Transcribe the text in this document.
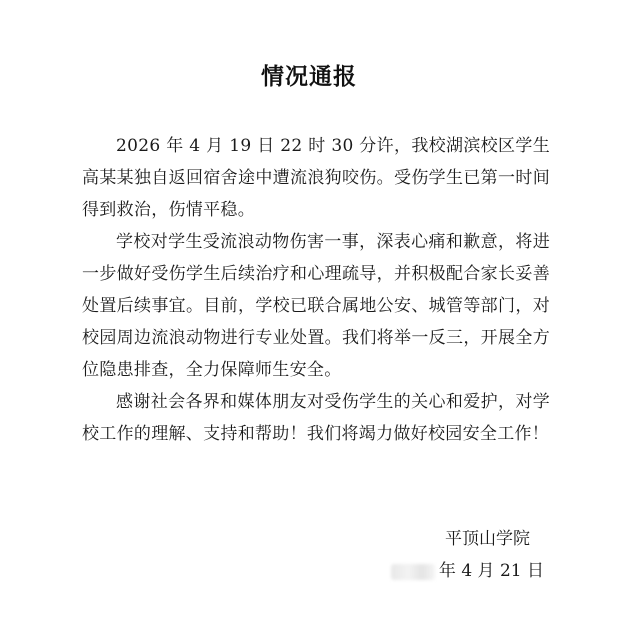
情况通报

2026 年 4 月 19 日 22 时 30 分许，我校湖滨校区学生高某某独自返回宿舍途中遭流浪狗咬伤。受伤学生已第一时间得到救治，伤情平稳。

学校对学生受流浪动物伤害一事，深表心痛和歉意，将进一步做好受伤学生后续治疗和心理疏导，并积极配合家长妥善处置后续事宜。目前，学校已联合属地公安、城管等部门，对校园周边流浪动物进行专业处置。我们将举一反三，开展全方位隐患排查，全力保障师生安全。

感谢社会各界和媒体朋友对受伤学生的关心和爱护，对学校工作的理解、支持和帮助！我们将竭力做好校园安全工作！

平顶山学院
年 4 月 21 日
